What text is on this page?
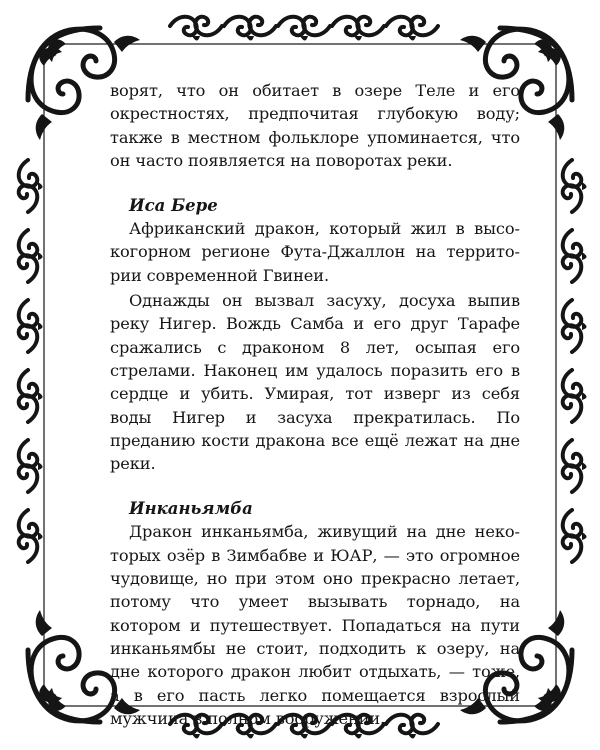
ворят, что он обитает в озере Теле и его окрестностях, предпочитая глубокую воду; также в местном фольклоре упоминается, что он часто появляется на поворотах реки.

Иса Бере

Африканский дракон, который жил в высокогорном регионе Фута-Джаллон на территории современной Гвинеи.

Однажды он вызвал засуху, досуха выпив реку Нигер. Вождь Самба и его друг Тарафе сражались с драконом 8 лет, осыпая его стрелами. Наконец им удалось поразить его в сердце и убить. Умирая, тот изверг из себя воды Нигер и засуха прекратилась. По преданию кости дракона все ещё лежат на дне реки.

Инканьямба

Дракон инканьямба, живущий на дне некоторых озёр в Зимбабве и ЮАР, — это огромное чудовище, но при этом оно прекрасно летает, потому что умеет вызывать торнадо, на котором и путешествует. Попадаться на пути инканьямбы не стоит, подходить к озеру, на дне которого дракон любит отдыхать, — тоже, а в его пасть легко помещается взрослый мужчина в полном вооружении.
